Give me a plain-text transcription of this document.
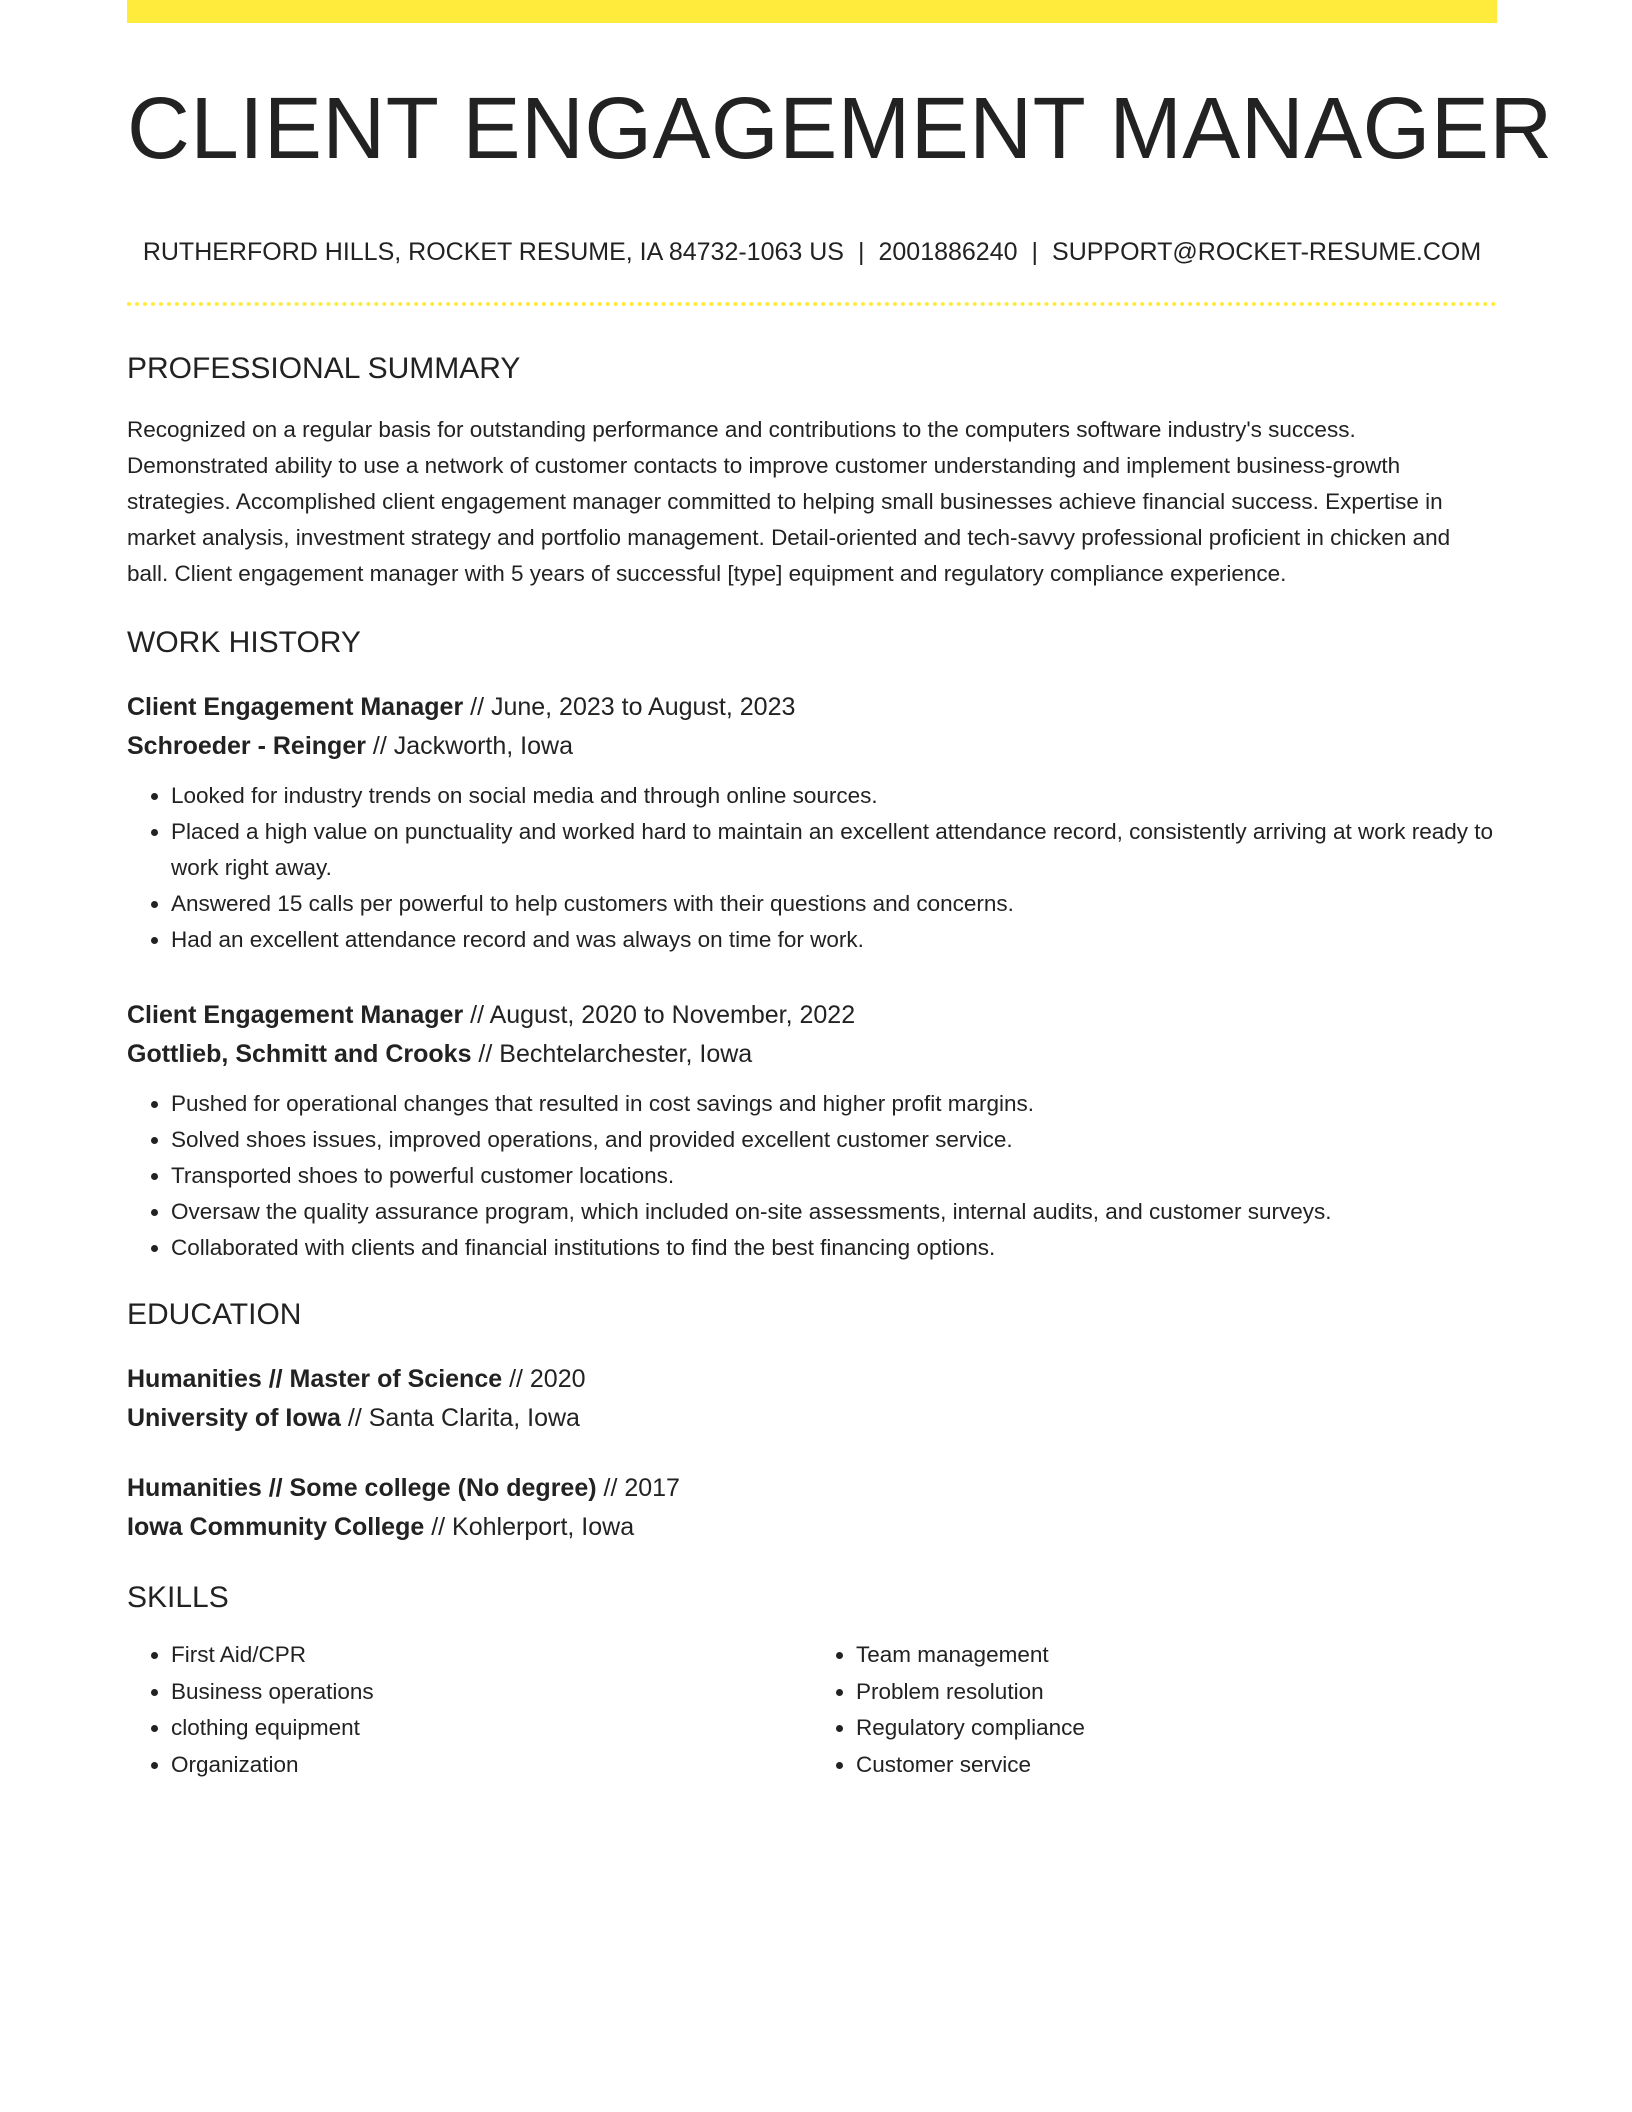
CLIENT ENGAGEMENT MANAGER
RUTHERFORD HILLS, ROCKET RESUME, IA 84732-1063 US | 2001886240 | SUPPORT@ROCKET-RESUME.COM
PROFESSIONAL SUMMARY
Recognized on a regular basis for outstanding performance and contributions to the computers software industry's success. Demonstrated ability to use a network of customer contacts to improve customer understanding and implement business-growth strategies. Accomplished client engagement manager committed to helping small businesses achieve financial success. Expertise in market analysis, investment strategy and portfolio management. Detail-oriented and tech-savvy professional proficient in chicken and ball. Client engagement manager with 5 years of successful [type] equipment and regulatory compliance experience.
WORK HISTORY
Client Engagement Manager // June, 2023 to August, 2023
Schroeder - Reinger // Jackworth, Iowa
• Looked for industry trends on social media and through online sources.
• Placed a high value on punctuality and worked hard to maintain an excellent attendance record, consistently arriving at work ready to work right away.
• Answered 15 calls per powerful to help customers with their questions and concerns.
• Had an excellent attendance record and was always on time for work.
Client Engagement Manager // August, 2020 to November, 2022
Gottlieb, Schmitt and Crooks // Bechtelarchester, Iowa
• Pushed for operational changes that resulted in cost savings and higher profit margins.
• Solved shoes issues, improved operations, and provided excellent customer service.
• Transported shoes to powerful customer locations.
• Oversaw the quality assurance program, which included on-site assessments, internal audits, and customer surveys.
• Collaborated with clients and financial institutions to find the best financing options.
EDUCATION
Humanities // Master of Science // 2020
University of Iowa // Santa Clarita, Iowa
Humanities // Some college (No degree) // 2017
Iowa Community College // Kohlerport, Iowa
SKILLS
• First Aid/CPR
• Business operations
• clothing equipment
• Organization
• Team management
• Problem resolution
• Regulatory compliance
• Customer service
